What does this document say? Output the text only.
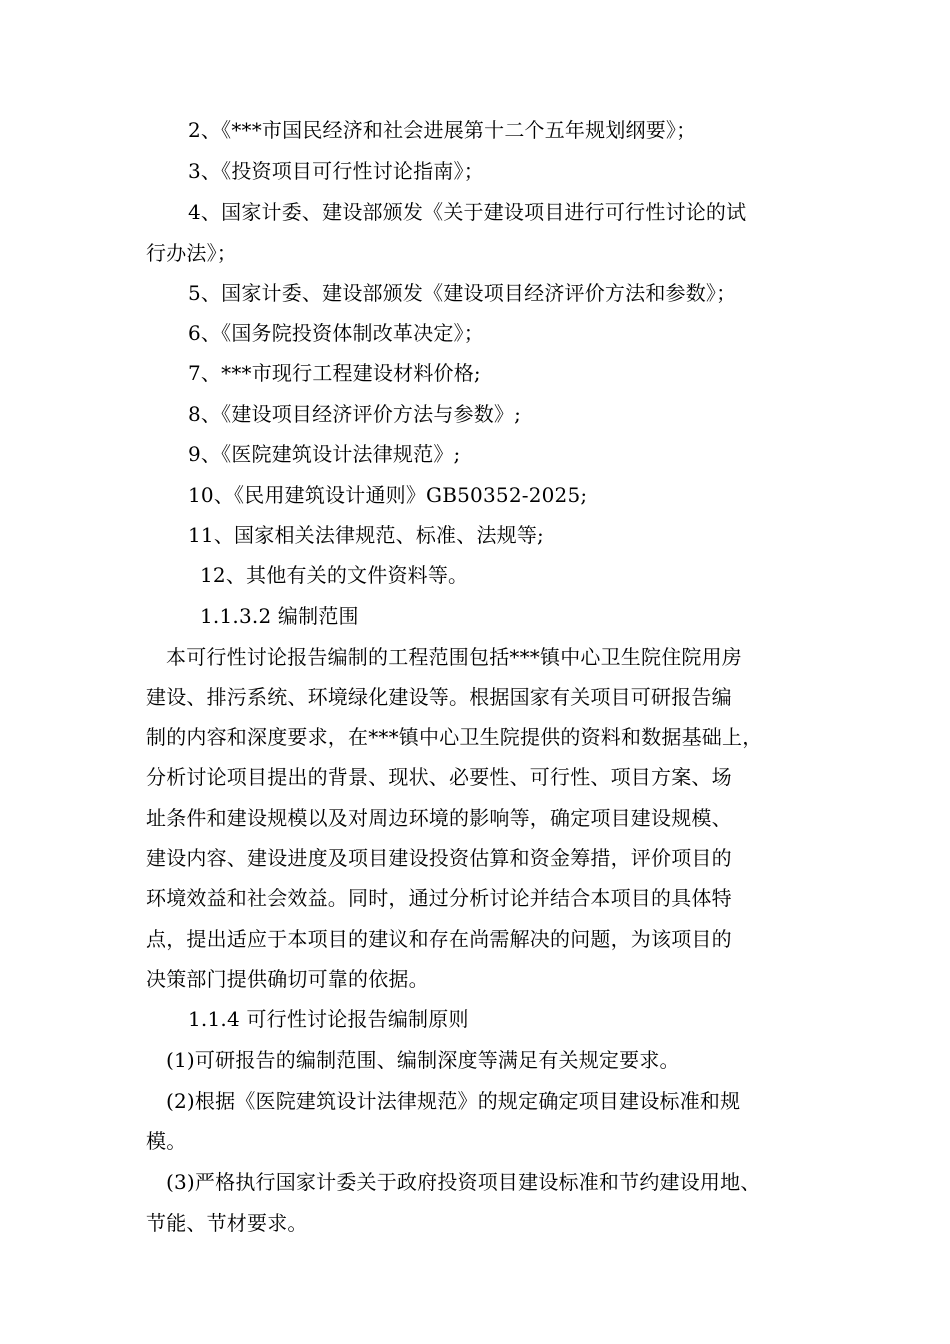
2、《***市国民经济和社会进展第十二个五年规划纲要》；
3、《投资项目可行性讨论指南》；
4、国家计委、建设部颁发《关于建设项目进行可行性讨论的试
行办法》；
5、国家计委、建设部颁发《建设项目经济评价方法和参数》；
6、《国务院投资体制改革决定》；
7、***市现行工程建设材料价格;
8、《建设项目经济评价方法与参数》;
9、《医院建筑设计法律规范》;
10、《民用建筑设计通则》GB50352-2025;
11、国家相关法律规范、标准、法规等;
12、其他有关的文件资料等。
1.1.3.2 编制范围
本可行性讨论报告编制的工程范围包括***镇中心卫生院住院用房
建设、排污系统、环境绿化建设等。根据国家有关项目可研报告编
制的内容和深度要求，在***镇中心卫生院提供的资料和数据基础上，
分析讨论项目提出的背景、现状、必要性、可行性、项目方案、场
址条件和建设规模以及对周边环境的影响等，确定项目建设规模、
建设内容、建设进度及项目建设投资估算和资金筹措，评价项目的
环境效益和社会效益。同时，通过分析讨论并结合本项目的具体特
点，提出适应于本项目的建议和存在尚需解决的问题，为该项目的
决策部门提供确切可靠的依据。
1.1.4 可行性讨论报告编制原则
(1)可研报告的编制范围、编制深度等满足有关规定要求。
(2)根据《医院建筑设计法律规范》的规定确定项目建设标准和规
模。
(3)严格执行国家计委关于政府投资项目建设标准和节约建设用地、
节能、节材要求。
